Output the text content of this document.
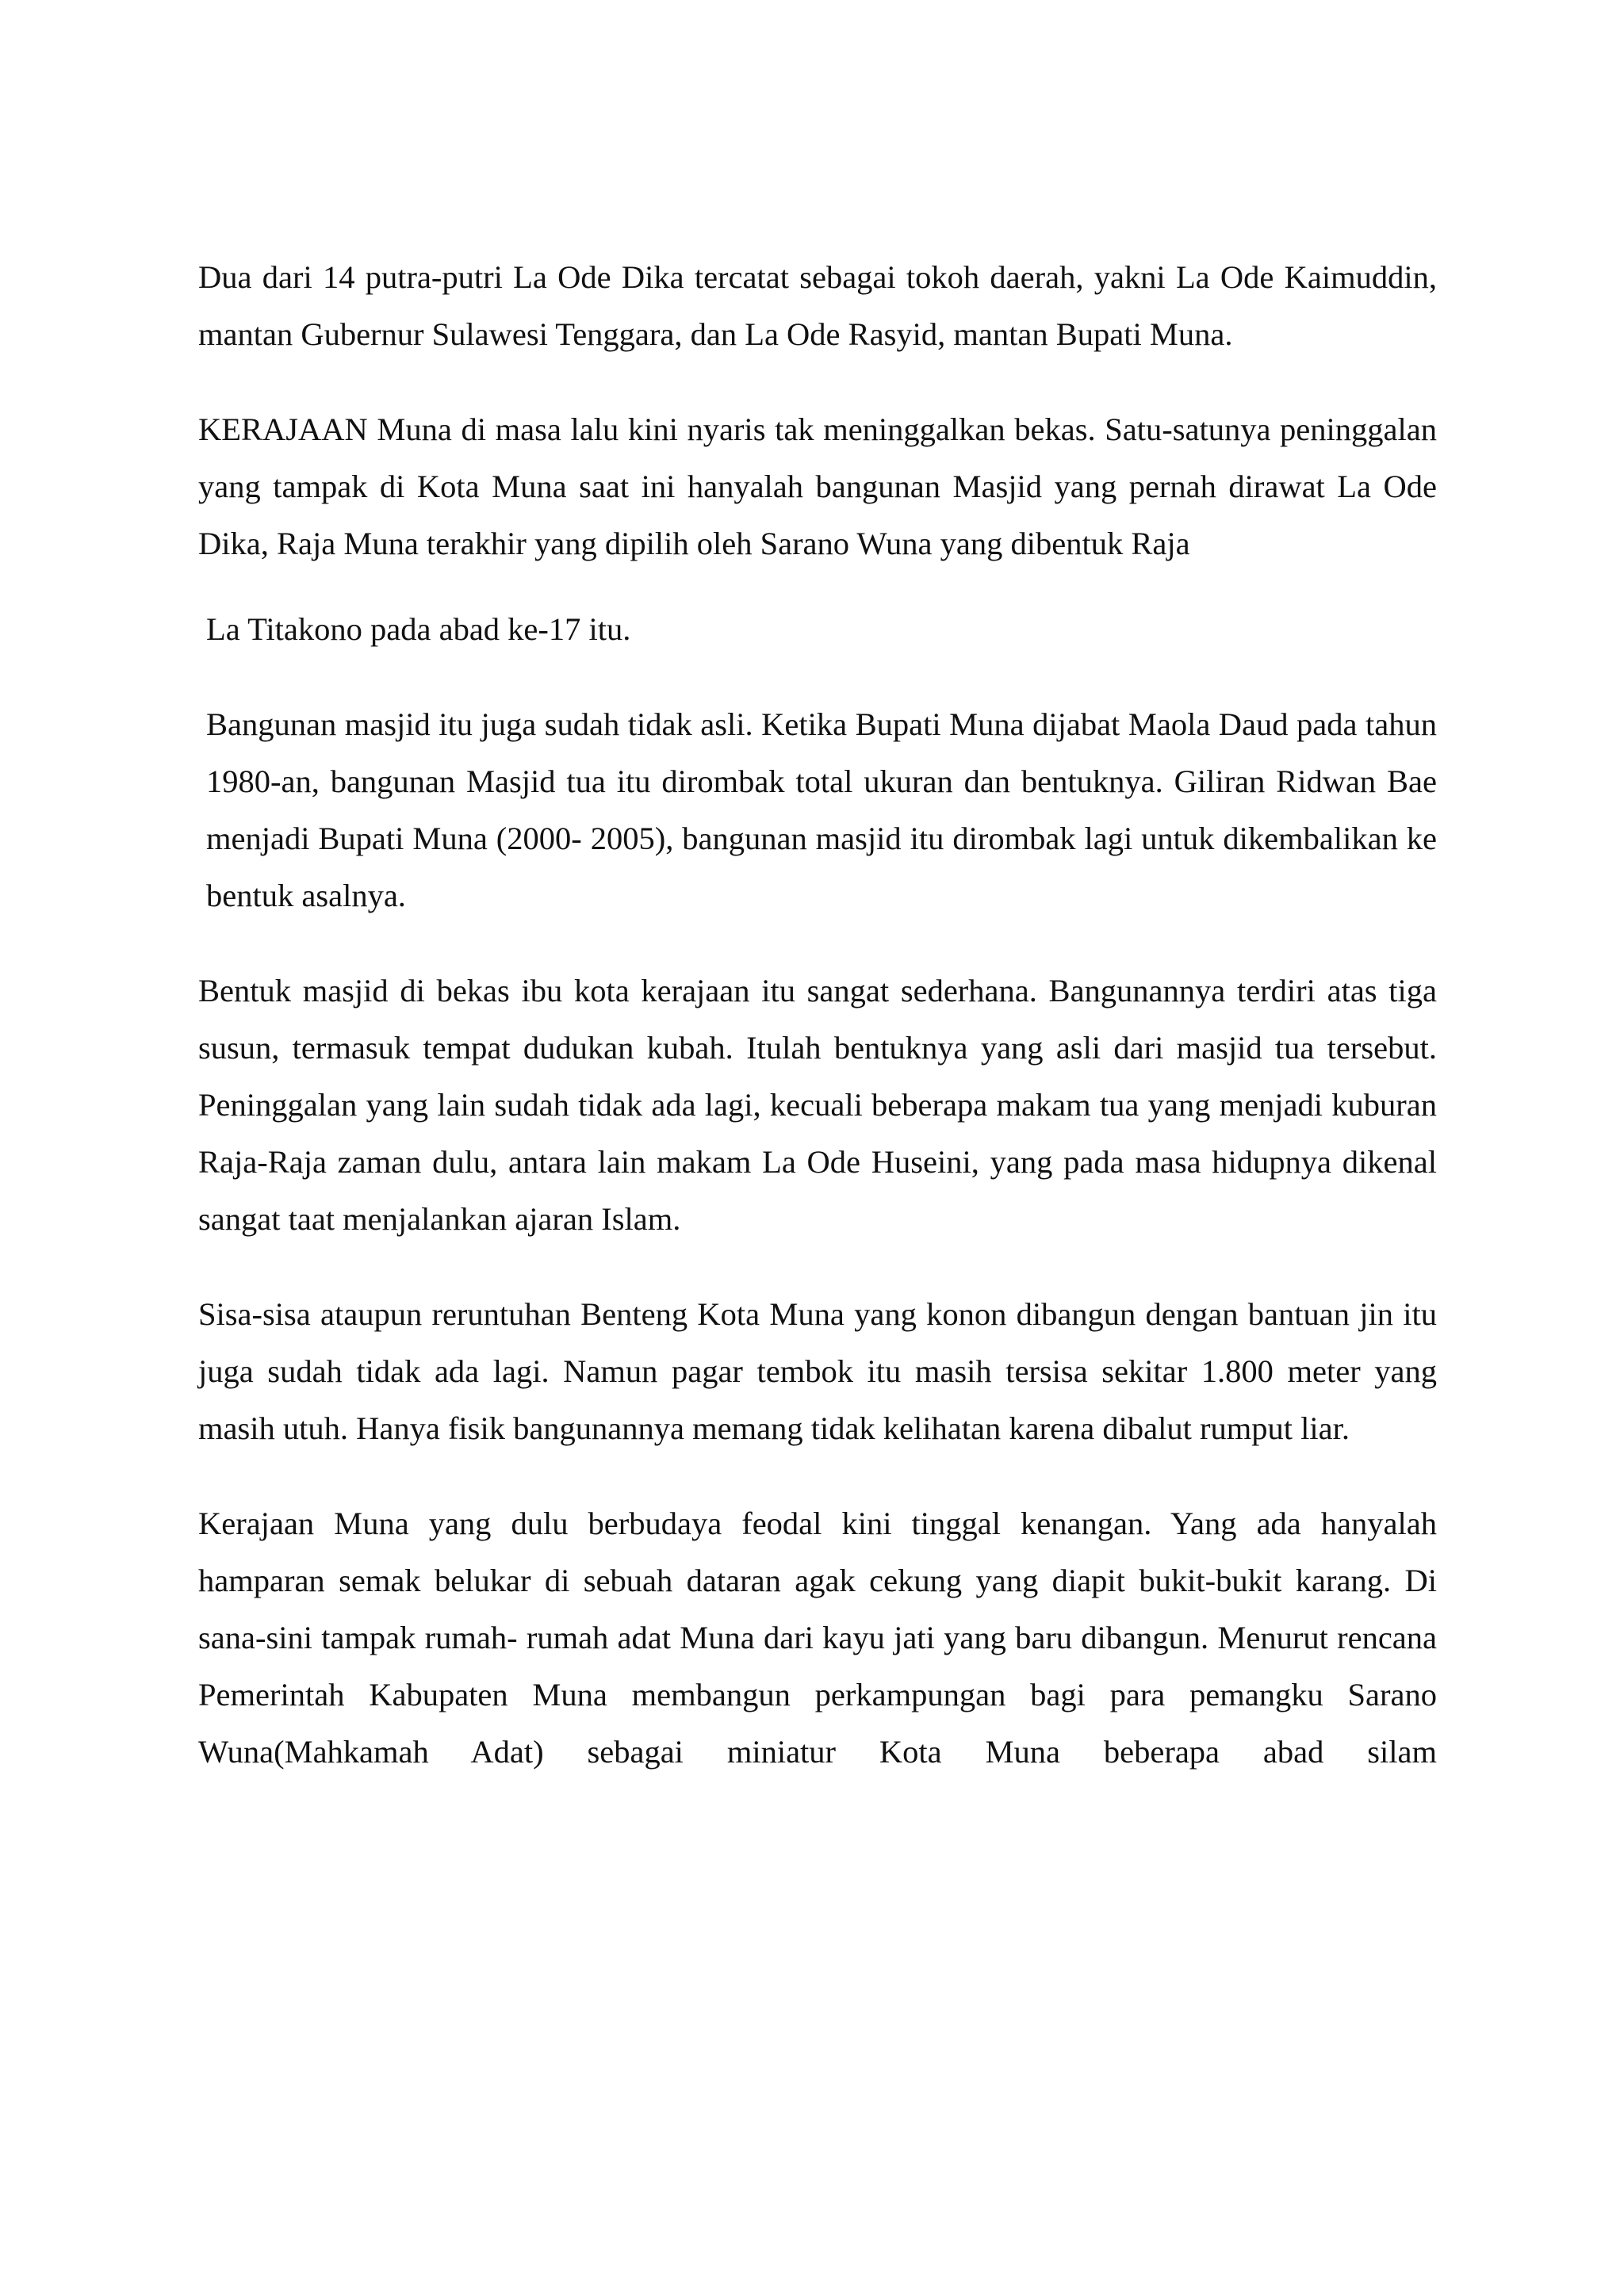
Dua dari 14 putra-putri La Ode Dika tercatat sebagai tokoh daerah, yakni La Ode Kaimuddin, mantan Gubernur Sulawesi Tenggara, dan La Ode Rasyid, mantan Bupati Muna.

KERAJAAN Muna di masa lalu kini nyaris tak meninggalkan bekas. Satu-satunya peninggalan yang tampak di Kota Muna saat ini hanyalah bangunan Masjid yang pernah dirawat La Ode Dika, Raja Muna terakhir yang dipilih oleh Sarano Wuna yang dibentuk Raja

La Titakono pada abad ke-17 itu.

Bangunan masjid itu juga sudah tidak asli. Ketika Bupati Muna dijabat Maola Daud pada tahun 1980-an, bangunan Masjid tua itu dirombak total ukuran dan bentuknya. Giliran Ridwan Bae menjadi Bupati Muna (2000- 2005), bangunan masjid itu dirombak lagi untuk dikembalikan ke bentuk asalnya.

Bentuk masjid di bekas ibu kota kerajaan itu sangat sederhana. Bangunannya terdiri atas tiga susun, termasuk tempat dudukan kubah. Itulah bentuknya yang asli dari masjid tua tersebut. Peninggalan yang lain sudah tidak ada lagi, kecuali beberapa makam tua yang menjadi kuburan Raja-Raja zaman dulu, antara lain makam La Ode Huseini, yang pada masa hidupnya dikenal sangat taat menjalankan ajaran Islam.

Sisa-sisa ataupun reruntuhan Benteng Kota Muna yang konon dibangun dengan bantuan jin itu juga sudah tidak ada lagi. Namun pagar tembok itu masih tersisa sekitar 1.800 meter yang masih utuh. Hanya fisik bangunannya memang tidak kelihatan karena dibalut rumput liar.

Kerajaan Muna yang dulu berbudaya feodal kini tinggal kenangan. Yang ada hanyalah hamparan semak belukar di sebuah dataran agak cekung yang diapit bukit-bukit karang. Di sana-sini tampak rumah- rumah adat Muna dari kayu jati yang baru dibangun. Menurut rencana Pemerintah Kabupaten Muna membangun perkampungan bagi para pemangku Sarano Wuna(Mahkamah Adat) sebagai miniatur Kota Muna beberapa abad silam
